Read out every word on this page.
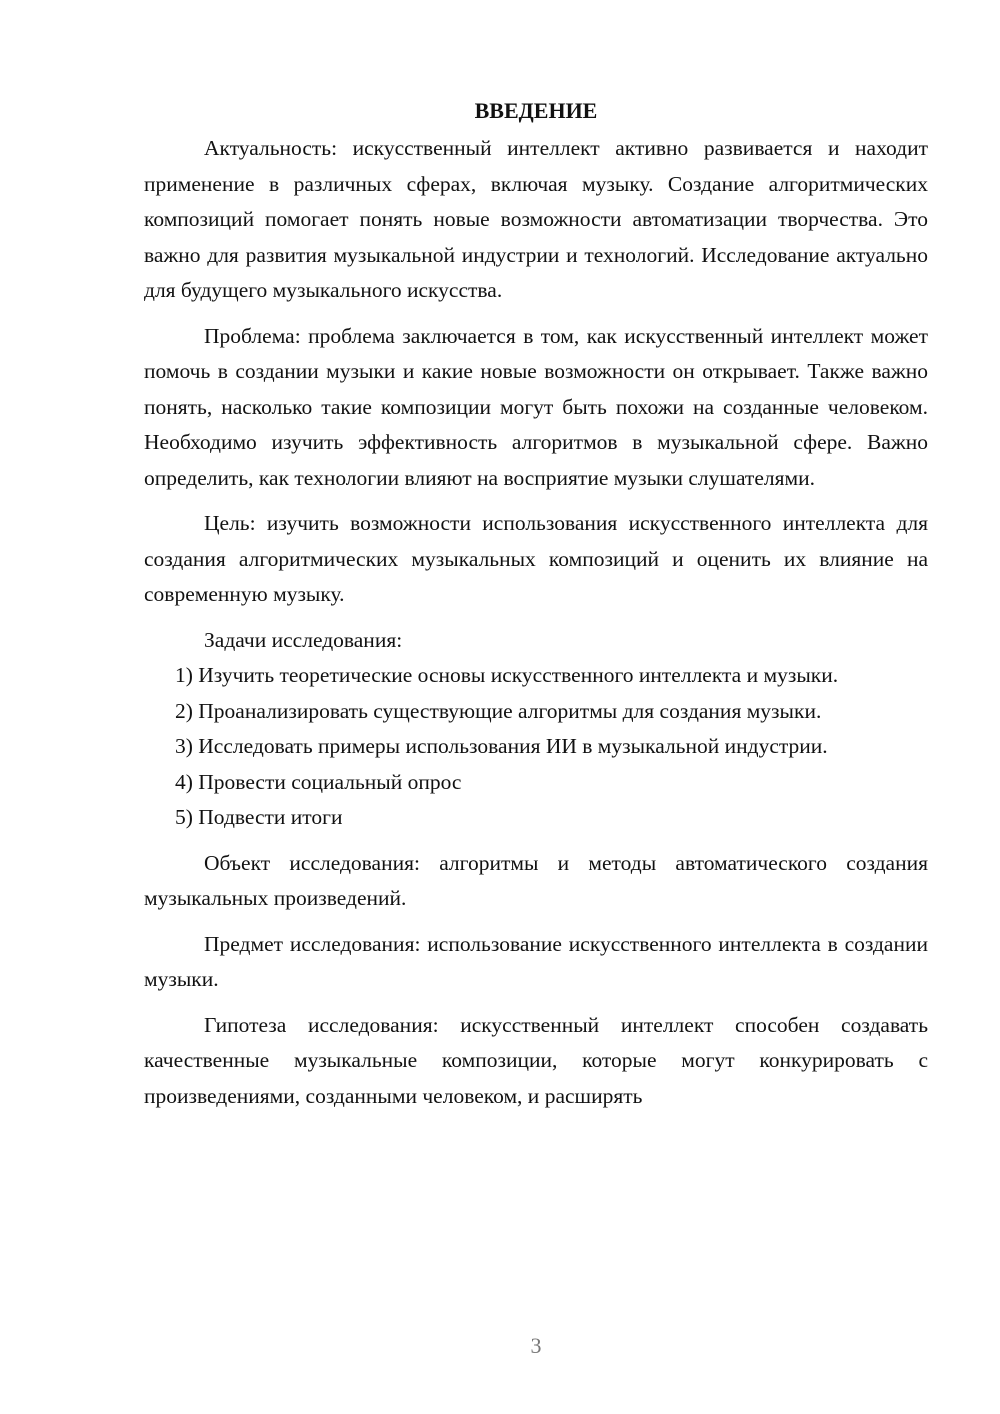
ВВЕДЕНИЕ

Актуальность: искусственный интеллект активно развивается и находит применение в различных сферах, включая музыку. Создание алгоритмических композиций помогает понять новые возможности автоматизации творчества. Это важно для развития музыкальной индустрии и технологий. Исследование актуально для будущего музыкального искусства.

Проблема: проблема заключается в том, как искусственный интеллект может помочь в создании музыки и какие новые возможности он открывает. Также важно понять, насколько такие композиции могут быть похожи на созданные человеком. Необходимо изучить эффективность алгоритмов в музыкальной сфере. Важно определить, как технологии влияют на восприятие музыки слушателями.

Цель: изучить возможности использования искусственного интеллекта для создания алгоритмических музыкальных композиций и оценить их влияние на современную музыку.

Задачи исследования:

1) Изучить теоретические основы искусственного интеллекта и музыки.

2) Проанализировать существующие алгоритмы для создания музыки.

3) Исследовать примеры использования ИИ в музыкальной индустрии.

4) Провести социальный опрос

5) Подвести итоги

Объект исследования: алгоритмы и методы автоматического создания музыкальных произведений.

Предмет исследования: использование искусственного интеллекта в создании музыки.

Гипотеза исследования: искусственный интеллект способен создавать качественные музыкальные композиции, которые могут конкурировать с произведениями, созданными человеком, и расширять

3
